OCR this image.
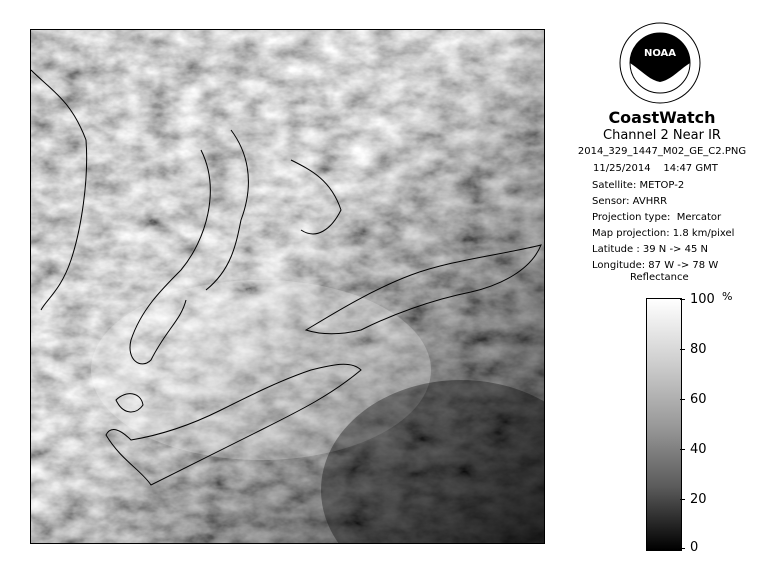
NOAA
CoastWatch
Channel 2 Near IR
2014_329_1447_M02_GE_C2.PNG
11/25/2014    14:47 GMT
Satellite: METOP-2
Sensor: AVHRR
Projection type:  Mercator
Map projection: 1.8 km/pixel
Latitude : 39 N -> 45 N
Longitude: 87 W -> 78 W
Reflectance
%
100
80
60
40
20
0
